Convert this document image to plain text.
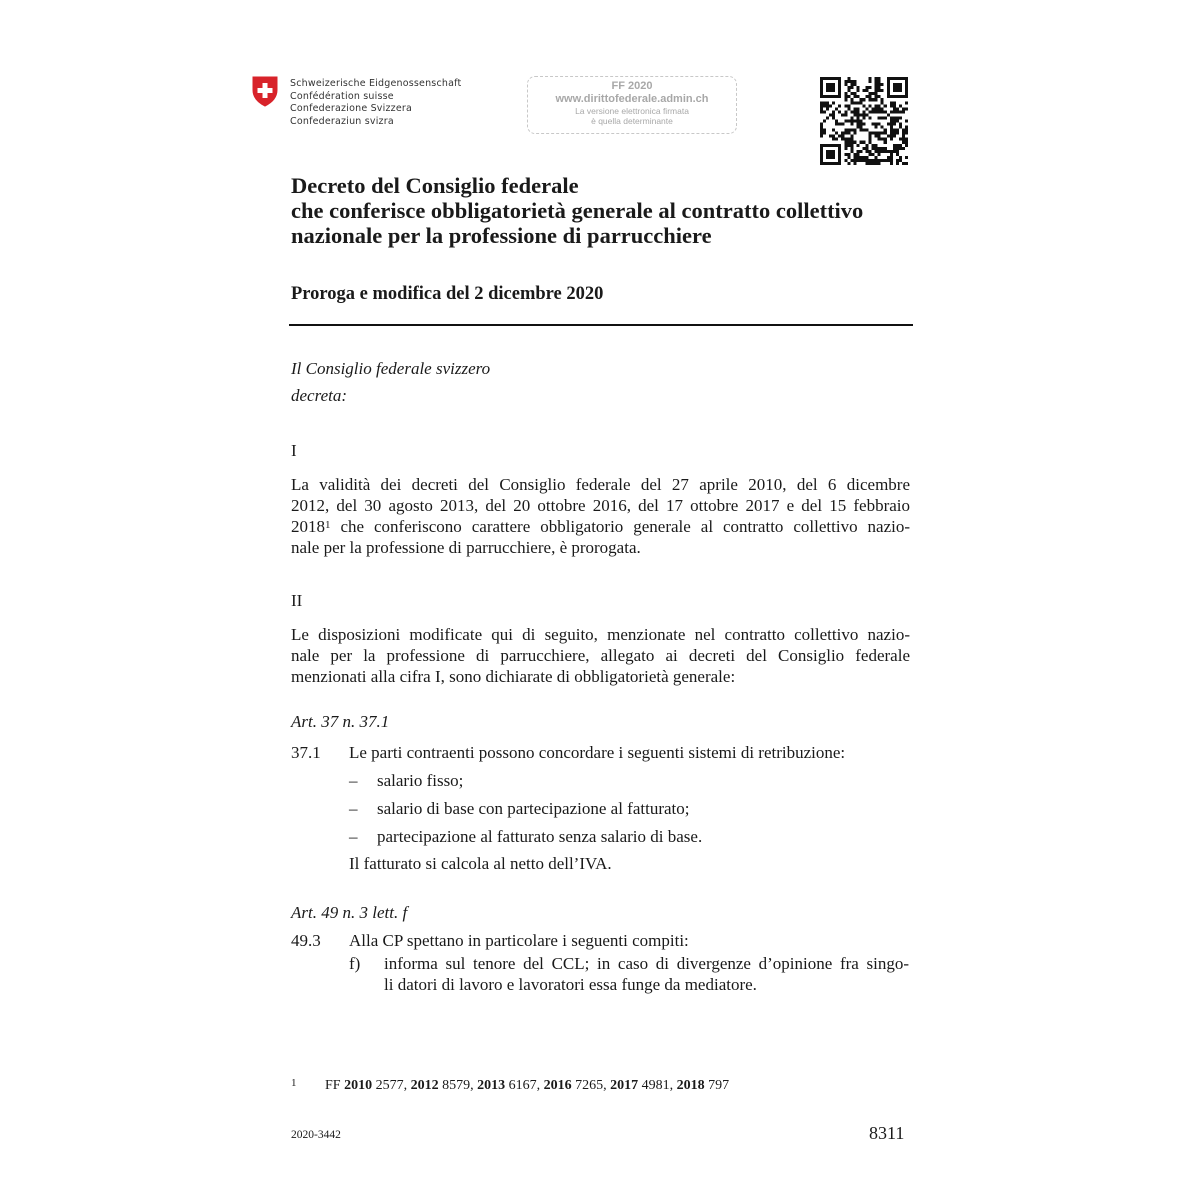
Schweizerische Eidgenossenschaft
Confédération suisse
Confederazione Svizzera
Confederaziun svizra
FF 2020
www.dirittofederale.admin.ch
La versione elettronica firmata
è quella determinante
Decreto del Consiglio federale
che conferisce obbligatorietà generale al contratto collettivo
nazionale per la professione di parrucchiere
Proroga e modifica del 2 dicembre 2020
Il Consiglio federale svizzero
decreta:
I
La validità dei decreti del Consiglio federale del 27 aprile 2010, del 6 dicembre
2012, del 30 agosto 2013, del 20 ottobre 2016, del 17 ottobre 2017 e del 15 febbraio
2018$^1$ che conferiscono carattere obbligatorio generale al contratto collettivo nazio-
nale per la professione di parrucchiere, è prorogata.
II
Le disposizioni modificate qui di seguito, menzionate nel contratto collettivo nazio-
nale per la professione di parrucchiere, allegato ai decreti del Consiglio federale
menzionati alla cifra I, sono dichiarate di obbligatorietà generale:
Art. 37 n. 37.1
37.1 Le parti contraenti possono concordare i seguenti sistemi di retribuzione:
– salario fisso;
– salario di base con partecipazione al fatturato;
– partecipazione al fatturato senza salario di base.
Il fatturato si calcola al netto dell’IVA.
Art. 49 n. 3 lett. f
49.3 Alla CP spettano in particolare i seguenti compiti:
f) informa sul tenore del CCL; in caso di divergenze d’opinione fra singo-
li datori di lavoro e lavoratori essa funge da mediatore.
1 FF 2010 2577, 2012 8579, 2013 6167, 2016 7265, 2017 4981, 2018 797
2020-3442	8311
